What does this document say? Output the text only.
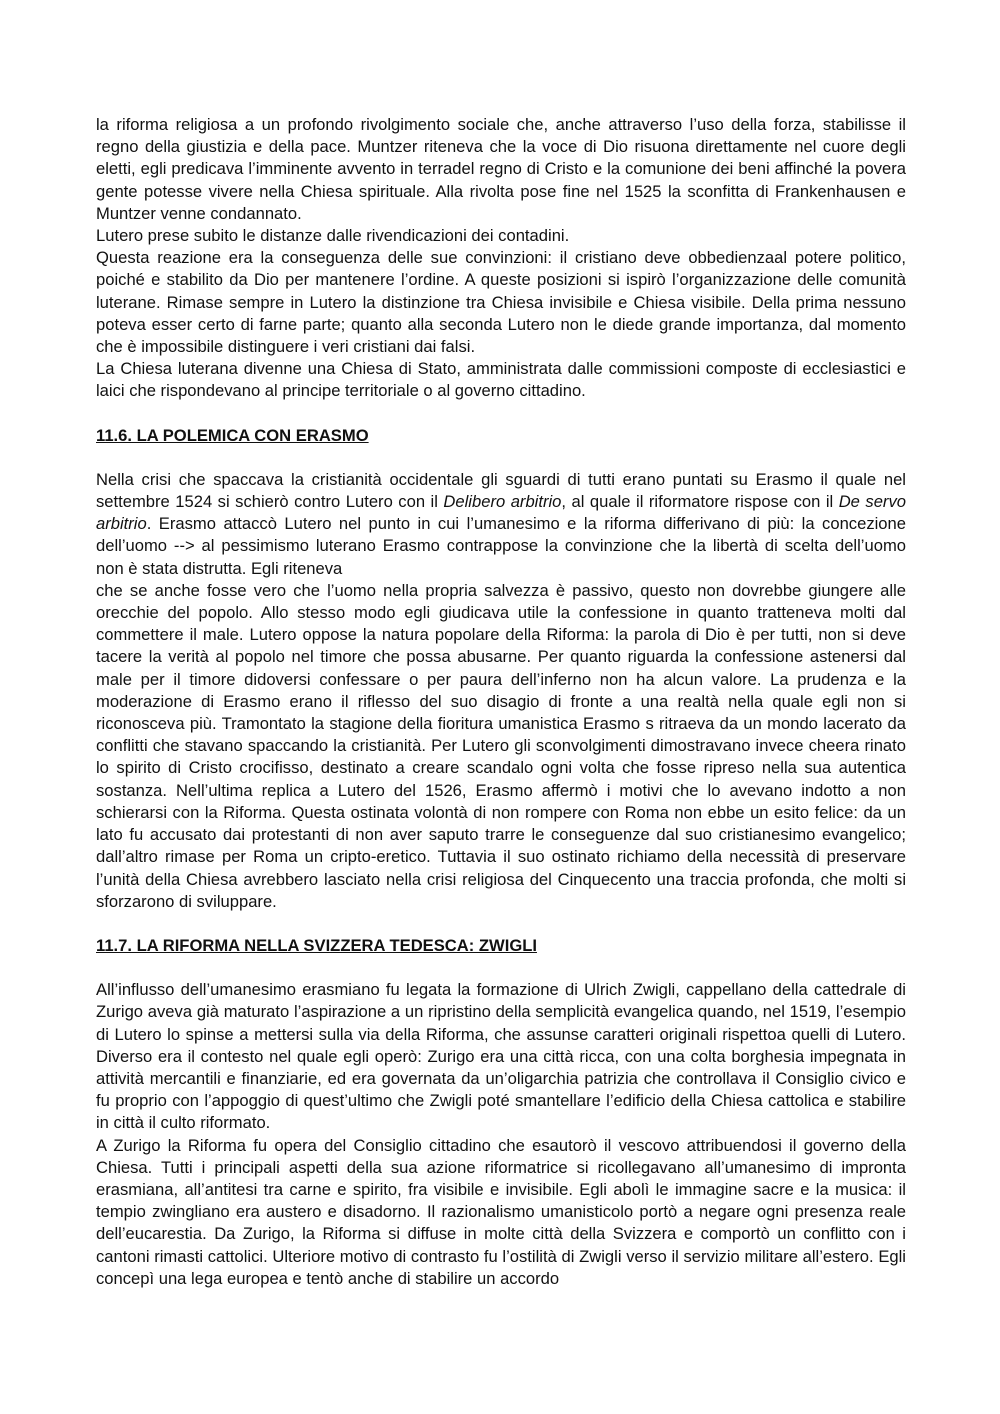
la riforma religiosa a un profondo rivolgimento sociale che, anche attraverso l’uso della forza, stabilisse il regno della giustizia e della pace. Muntzer riteneva che la voce di Dio risuona direttamente nel cuore degli eletti, egli predicava l’imminente avvento in terradel regno di Cristo e la comunione dei beni affinché la povera gente potesse vivere nella Chiesa spirituale. Alla rivolta pose fine nel 1525 la sconfitta di Frankenhausen e Muntzer venne condannato.

Lutero prese subito le distanze dalle rivendicazioni dei contadini.

Questa reazione era la conseguenza delle sue convinzioni: il cristiano deve obbedienzaal potere politico, poiché e stabilito da Dio per mantenere l’ordine. A queste posizioni si ispirò l’organizzazione delle comunità luterane. Rimase sempre in Lutero la distinzione tra Chiesa invisibile e Chiesa visibile. Della prima nessuno poteva esser certo di farne parte; quanto alla seconda Lutero non le diede grande importanza, dal momento che è impossibile distinguere i veri cristiani dai falsi.

La Chiesa luterana divenne una Chiesa di Stato, amministrata dalle commissioni composte di ecclesiastici e laici che rispondevano al principe territoriale o al governo cittadino.

11.6. LA POLEMICA CON ERASMO

Nella crisi che spaccava la cristianità occidentale gli sguardi di tutti erano puntati su Erasmo il quale nel settembre 1524 si schierò contro Lutero con il Delibero arbitrio, al quale il riformatore rispose con il De servo arbitrio. Erasmo attaccò Lutero nel punto in cui l’umanesimo e la riforma differivano di più: la concezione dell’uomo --> al pessimismo luterano Erasmo contrappose la convinzione che la libertà di scelta dell’uomo non è stata distrutta. Egli riteneva

che se anche fosse vero che l’uomo nella propria salvezza è passivo, questo non dovrebbe giungere alle orecchie del popolo. Allo stesso modo egli giudicava utile la confessione in quanto tratteneva molti dal commettere il male. Lutero oppose la natura popolare della Riforma: la parola di Dio è per tutti, non si deve tacere la verità al popolo nel timore che possa abusarne. Per quanto riguarda la confessione astenersi dal male per il timore didoversi confessare o per paura dell’inferno non ha alcun valore. La prudenza e la moderazione di Erasmo erano il riflesso del suo disagio di fronte a una realtà nella quale egli non si riconosceva più. Tramontato la stagione della fioritura umanistica Erasmo s ritraeva da un mondo lacerato da conflitti che stavano spaccando la cristianità. Per Lutero gli sconvolgimenti dimostravano invece cheera rinato lo spirito di Cristo crocifisso, destinato a creare scandalo ogni volta che fosse ripreso nella sua autentica sostanza. Nell’ultima replica a Lutero del 1526, Erasmo affermò i motivi che lo avevano indotto a non schierarsi con la Riforma. Questa ostinata volontà di non rompere con Roma non ebbe un esito felice: da un lato fu accusato dai protestanti di non aver saputo trarre le conseguenze dal suo cristianesimo evangelico; dall’altro rimase per Roma un cripto-eretico. Tuttavia il suo ostinato richiamo della necessità di preservare l’unità della Chiesa avrebbero lasciato nella crisi religiosa del Cinquecento una traccia profonda, che molti si sforzarono di sviluppare.

11.7. LA RIFORMA NELLA SVIZZERA TEDESCA: ZWIGLI

All’influsso dell’umanesimo erasmiano fu legata la formazione di Ulrich Zwigli, cappellano della cattedrale di Zurigo aveva già maturato l’aspirazione a un ripristino della semplicità evangelica quando, nel 1519, l’esempio di Lutero lo spinse a mettersi sulla via della Riforma, che assunse caratteri originali rispettoa quelli di Lutero. Diverso era il contesto nel quale egli operò: Zurigo era una città ricca, con una colta borghesia impegnata in attività mercantili e finanziarie, ed era governata da un’oligarchia patrizia che controllava il Consiglio civico e fu proprio con l’appoggio di quest’ultimo che Zwigli poté smantellare l’edificio della Chiesa cattolica e stabilire in città il culto riformato.

A Zurigo la Riforma fu opera del Consiglio cittadino che esautorò il vescovo attribuendosi il governo della Chiesa. Tutti i principali aspetti della sua azione riformatrice si ricollegavano all’umanesimo di impronta erasmiana, all’antitesi tra carne e spirito, fra visibile e invisibile. Egli abolì le immagine sacre e la musica: il tempio zwingliano era austero e disadorno. Il razionalismo umanisticolo portò a negare ogni presenza reale dell’eucarestia. Da Zurigo, la Riforma si diffuse in molte città della Svizzera e comportò un conflitto con i cantoni rimasti cattolici. Ulteriore motivo di contrasto fu l’ostilità di Zwigli verso il servizio militare all’estero. Egli concepì una lega europea e tentò anche di stabilire un accordo
